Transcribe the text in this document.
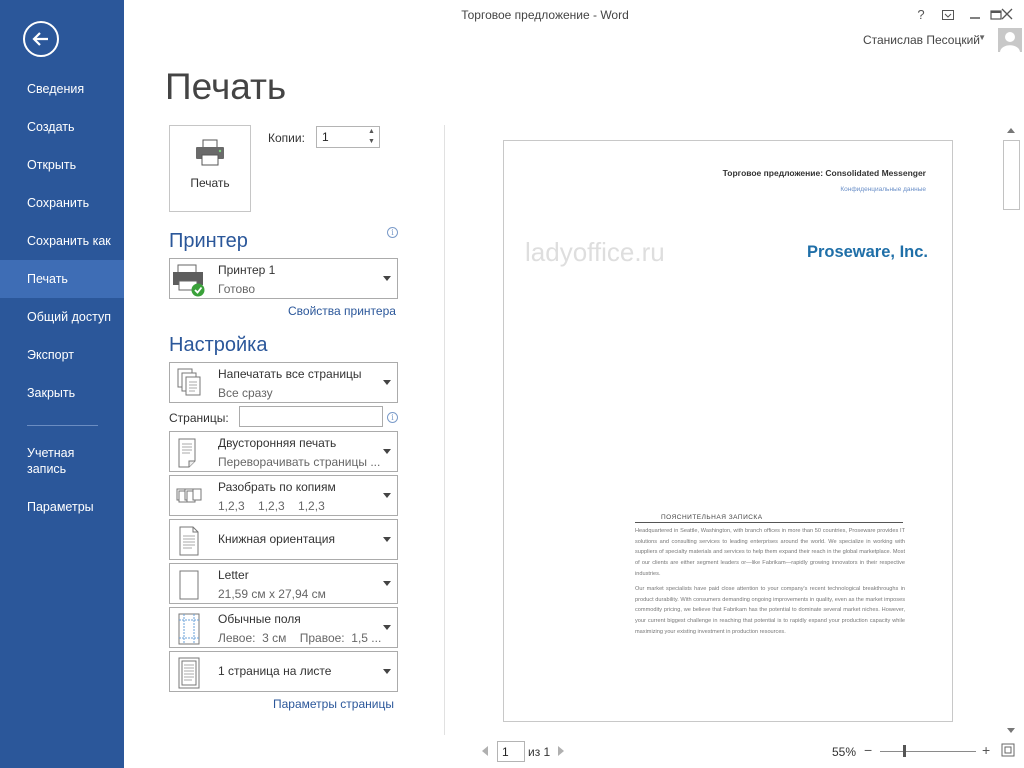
Сведения
Создать
Открыть
Сохранить
Сохранить как
Печать
Общий доступ
Экспорт
Закрыть
Учетная запись
Параметры
Торговое предложение - Word	?
Станислав Песоцкий
▼
Печать
Печать
Копии:
1	▲
▼
Принтер	i
Принтер 1
Готово
Свойства принтера
Настройка
Напечатать все страницы
Все сразу
Страницы:	i
Двусторонняя печать
Переворачивать страницы ...
Разобрать по копиям
1,2,3    1,2,3    1,2,3
Книжная ориентация
Letter
21,59 см x 27,94 см
Обычные поля
Левое:  3 см    Правое:  1,5 ...
1 страница на листе
Параметры страницы
Торговое предложение: Consolidated Messenger
Конфиденциальные данные
ladyoffice.ru	Proseware, Inc.
ПОЯСНИТЕЛЬНАЯ ЗАПИСКА
Headquartered in Seattle, Washington, with branch offices in more than 50 countries, Proseware provides IT solutions and consulting services to leading enterprises around the world. We specialize in working with suppliers of specialty materials and services to help them expand their reach in the global marketplace. Most of our clients are either segment leaders or—like Fabrikam—rapidly growing innovators in their respective industries.
Our market specialists have paid close attention to your company's recent technological breakthroughs in product durability. With consumers demanding ongoing improvements in quality, even as the market imposes commodity pricing, we believe that Fabrikam has the potential to dominate several market niches. However, your current biggest challenge in reaching that potential is to rapidly expand your production capacity while maximizing your existing investment in production resources.
1
из 1	55% −	+
